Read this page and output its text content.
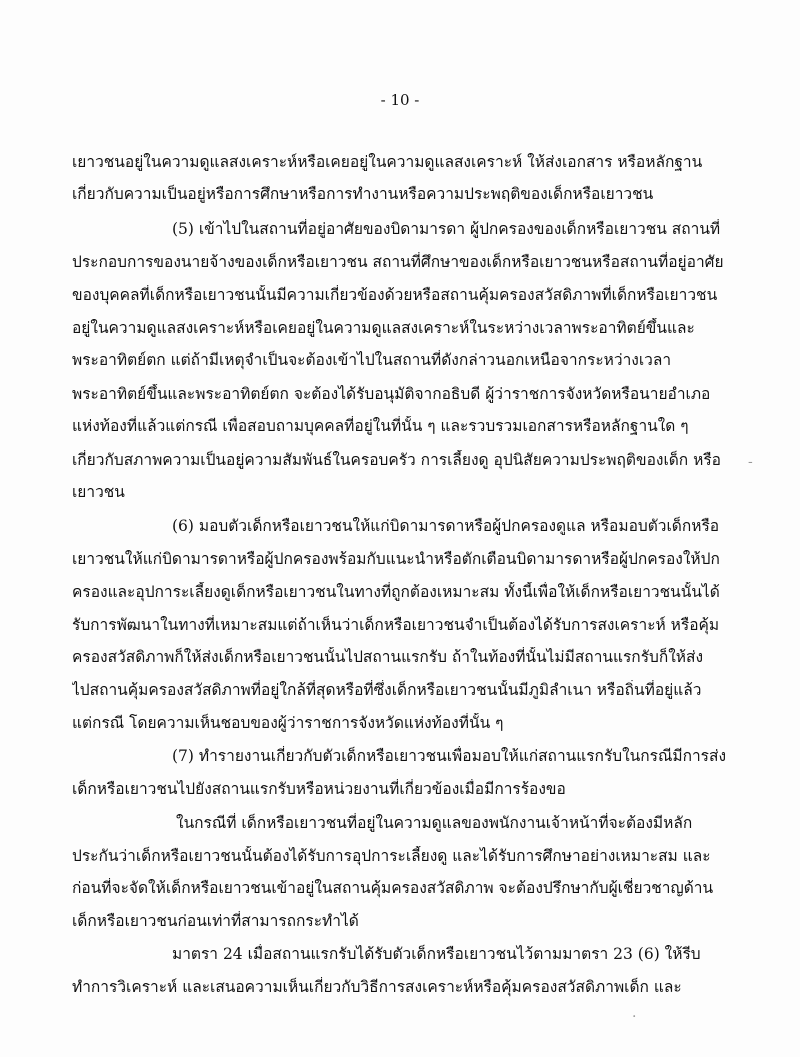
- 10 -
เยาวชนอยู่ในความดูแลสงเคราะห์หรือเคยอยู่ในความดูแลสงเคราะห์ ให้ส่งเอกสาร หรือหลักฐาน
เกี่ยวกับความเป็นอยู่หรือการศึกษาหรือการทำงานหรือความประพฤติของเด็กหรือเยาวชน
(5) เข้าไปในสถานที่อยู่อาศัยของบิดามารดา ผู้ปกครองของเด็กหรือเยาวชน สถานที่
ประกอบการของนายจ้างของเด็กหรือเยาวชน สถานที่ศึกษาของเด็กหรือเยาวชนหรือสถานที่อยู่อาศัย
ของบุคคลที่เด็กหรือเยาวชนนั้นมีความเกี่ยวข้องด้วยหรือสถานคุ้มครองสวัสดิภาพที่เด็กหรือเยาวชน
อยู่ในความดูแลสงเคราะห์หรือเคยอยู่ในความดูแลสงเคราะห์ในระหว่างเวลาพระอาทิตย์ขึ้นและ
พระอาทิตย์ตก แต่ถ้ามีเหตุจำเป็นจะต้องเข้าไปในสถานที่ดังกล่าวนอกเหนือจากระหว่างเวลา
พระอาทิตย์ขึ้นและพระอาทิตย์ตก จะต้องได้รับอนุมัติจากอธิบดี ผู้ว่าราชการจังหวัดหรือนายอำเภอ
แห่งท้องที่แล้วแต่กรณี เพื่อสอบถามบุคคลที่อยู่ในที่นั้น ๆ และรวบรวมเอกสารหรือหลักฐานใด ๆ
เกี่ยวกับสภาพความเป็นอยู่ความสัมพันธ์ในครอบครัว การเลี้ยงดู อุปนิสัยความประพฤติของเด็ก หรือ
เยาวชน
(6) มอบตัวเด็กหรือเยาวชนให้แก่บิดามารดาหรือผู้ปกครองดูแล หรือมอบตัวเด็กหรือ
เยาวชนให้แก่บิดามารดาหรือผู้ปกครองพร้อมกับแนะนำหรือตักเตือนบิดามารดาหรือผู้ปกครองให้ปก
ครองและอุปการะเลี้ยงดูเด็กหรือเยาวชนในทางที่ถูกต้องเหมาะสม ทั้งนี้เพื่อให้เด็กหรือเยาวชนนั้นได้
รับการพัฒนาในทางที่เหมาะสมแต่ถ้าเห็นว่าเด็กหรือเยาวชนจำเป็นต้องได้รับการสงเคราะห์ หรือคุ้ม
ครองสวัสดิภาพก็ให้ส่งเด็กหรือเยาวชนนั้นไปสถานแรกรับ ถ้าในท้องที่นั้นไม่มีสถานแรกรับก็ให้ส่ง
ไปสถานคุ้มครองสวัสดิภาพที่อยู่ใกล้ที่สุดหรือที่ซึ่งเด็กหรือเยาวชนนั้นมีภูมิลำเนา หรือถิ่นที่อยู่แล้ว
แต่กรณี โดยความเห็นชอบของผู้ว่าราชการจังหวัดแห่งท้องที่นั้น ๆ
(7) ทำรายงานเกี่ยวกับตัวเด็กหรือเยาวชนเพื่อมอบให้แก่สถานแรกรับในกรณีมีการส่ง
เด็กหรือเยาวชนไปยังสถานแรกรับหรือหน่วยงานที่เกี่ยวข้องเมื่อมีการร้องขอ
ในกรณีที่ เด็กหรือเยาวชนที่อยู่ในความดูแลของพนักงานเจ้าหน้าที่จะต้องมีหลัก
ประกันว่าเด็กหรือเยาวชนนั้นต้องได้รับการอุปการะเลี้ยงดู และได้รับการศึกษาอย่างเหมาะสม และ
ก่อนที่จะจัดให้เด็กหรือเยาวชนเข้าอยู่ในสถานคุ้มครองสวัสดิภาพ จะต้องปรึกษากับผู้เชี่ยวชาญด้าน
เด็กหรือเยาวชนก่อนเท่าที่สามารถกระทำได้
มาตรา 24 เมื่อสถานแรกรับได้รับตัวเด็กหรือเยาวชนไว้ตามมาตรา 23 (6) ให้รีบ
ทำการวิเคราะห์ และเสนอความเห็นเกี่ยวกับวิธีการสงเคราะห์หรือคุ้มครองสวัสดิภาพเด็ก และ
-
·
